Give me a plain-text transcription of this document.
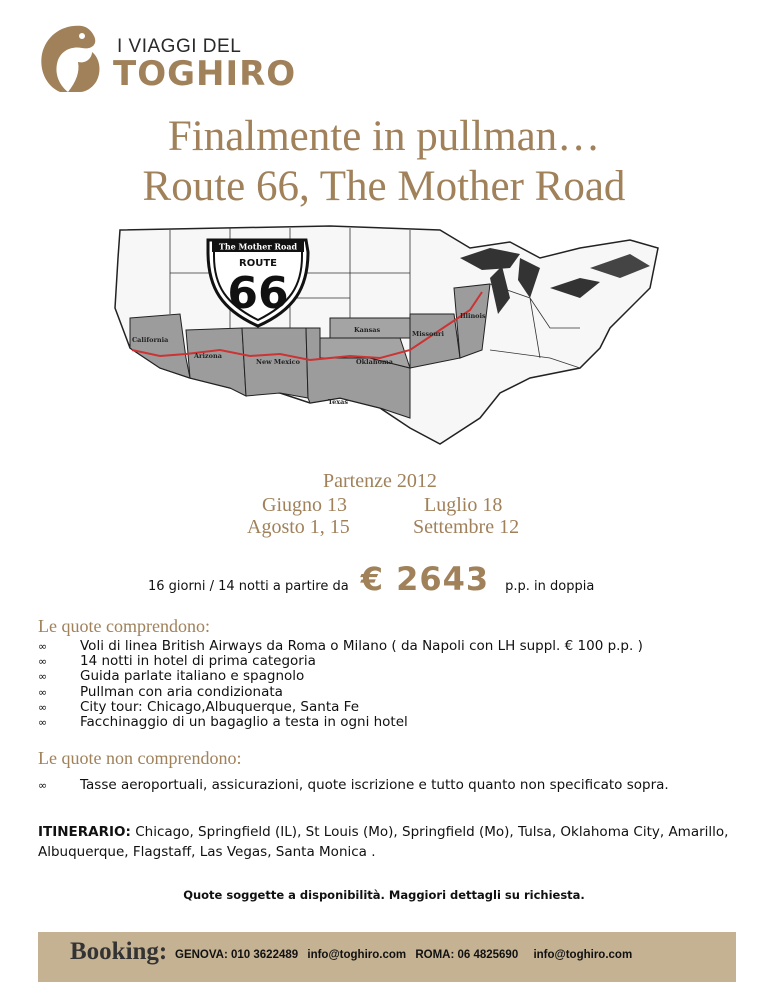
I VIAGGI DEL
TOGHIRO
Finalmente in pullman…
Route 66, The Mother Road
California
Arizona
New Mexico
Texas
Oklahoma
Kansas	Missouri
Illinois
The Mother Road
ROUTE
66
Partenze 2012
Giugno 13	Luglio 18
Agosto 1, 15	Settembre 12
16 giorni / 14 notti a partire da € 2643 p.p. in doppia
Le quote comprendono:
∞ Voli di linea British Airways da Roma o Milano ( da Napoli con LH suppl. € 100 p.p. )
∞ 14 notti in hotel di prima categoria
∞ Guida parlate italiano e spagnolo
∞ Pullman con aria condizionata
∞ City tour: Chicago,Albuquerque, Santa Fe
∞ Facchinaggio di un bagaglio a testa in ogni hotel
Le quote non comprendono:
∞ Tasse aeroportuali, assicurazioni, quote iscrizione e tutto quanto non specificato sopra.
ITINERARIO: Chicago, Springfield (IL), St Louis (Mo), Springfield (Mo), Tulsa, Oklahoma City, Amarillo, Albuquerque, Flagstaff, Las Vegas, Santa Monica .
Quote soggette a disponibilità. Maggiori dettagli su richiesta.
Booking: GENOVA: 010 3622489 info@toghiro.com ROMA: 06 4825690 info@toghiro.com
